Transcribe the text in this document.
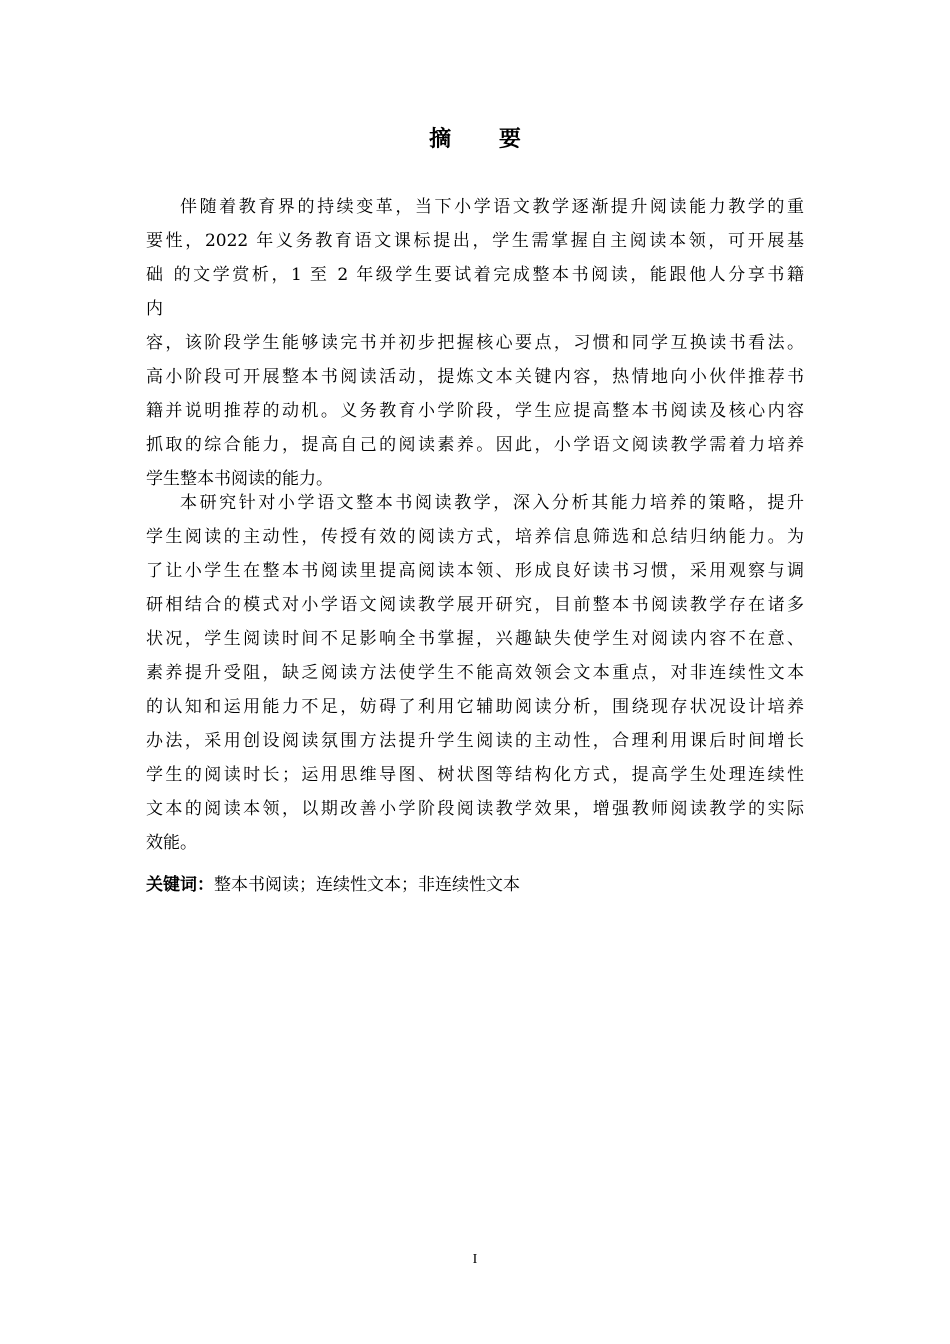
摘 要
伴随着教育界的持续变革，当下小学语文教学逐渐提升阅读能力教学的重
要性，2022 年义务教育语文课标提出，学生需掌握自主阅读本领，可开展基
础 的文学赏析，1 至 2 年级学生要试着完成整本书阅读，能跟他人分享书籍
内
容，该阶段学生能够读完书并初步把握核心要点，习惯和同学互换读书看法。
高小阶段可开展整本书阅读活动，提炼文本关键内容，热情地向小伙伴推荐书
籍并说明推荐的动机。义务教育小学阶段，学生应提高整本书阅读及核心内容
抓取的综合能力，提高自己的阅读素养。因此，小学语文阅读教学需着力培养
学生整本书阅读的能力。
本研究针对小学语文整本书阅读教学，深入分析其能力培养的策略，提升
学生阅读的主动性，传授有效的阅读方式，培养信息筛选和总结归纳能力。为
了让小学生在整本书阅读里提高阅读本领、形成良好读书习惯，采用观察与调
研相结合的模式对小学语文阅读教学展开研究，目前整本书阅读教学存在诸多
状况，学生阅读时间不足影响全书掌握，兴趣缺失使学生对阅读内容不在意、
素养提升受阻，缺乏阅读方法使学生不能高效领会文本重点，对非连续性文本
的认知和运用能力不足，妨碍了利用它辅助阅读分析，围绕现存状况设计培养
办法，采用创设阅读氛围方法提升学生阅读的主动性，合理利用课后时间增长
学生的阅读时长；运用思维导图、树状图等结构化方式，提高学生处理连续性
文本的阅读本领，以期改善小学阶段阅读教学效果，增强教师阅读教学的实际
效能。
关键词：整本书阅读；连续性文本；非连续性文本
I
